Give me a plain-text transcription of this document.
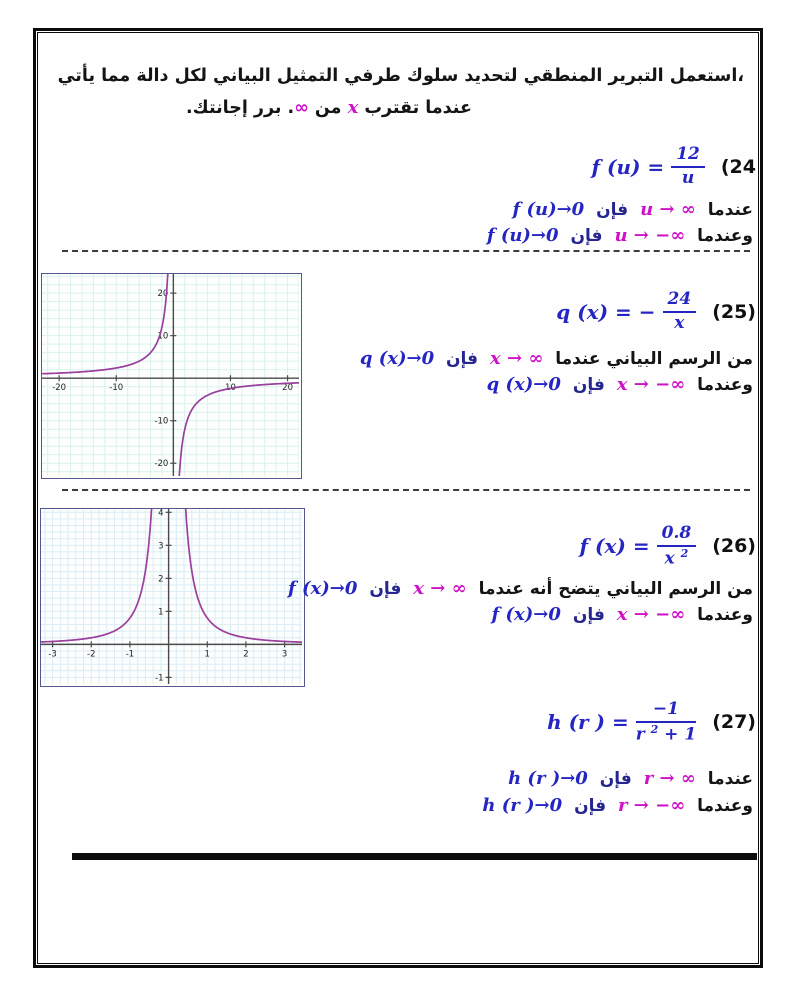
استعمل التبرير المنطقي لتحديد سلوك طرفي التمثيل البياني لكل دالة مما يأتي،
عندما تقترب x من ∞. برر إجانتك.
f $(u) = \frac{12}{u} (24$
عندما u → ∞ فإن f (u)→0
وعندما u → −∞ فإن f (u)→0
-20	-10	10	20
-20
-10
10
20
q (x) = − $\frac{24}{x} (25)$
من الرسم البياني عندما x → ∞ فإن q (x)→0
وعندما x → −∞ فإن q (x)→0
-3	-2	-1	1	2	3
-1
1
2
3
4
f $(x) = \frac{0.8}{x ^2} (26)$
من الرسم البياني يتضح أنه عندما x → ∞ فإن f (x)→0
وعندما x → −∞ فإن f (x)→0
h (r ) = $\frac{-1}{r ^2 + 1} (27)$
عندما r → ∞ فإن h (r )→0
وعندما r → −∞ فإن h (r )→0
